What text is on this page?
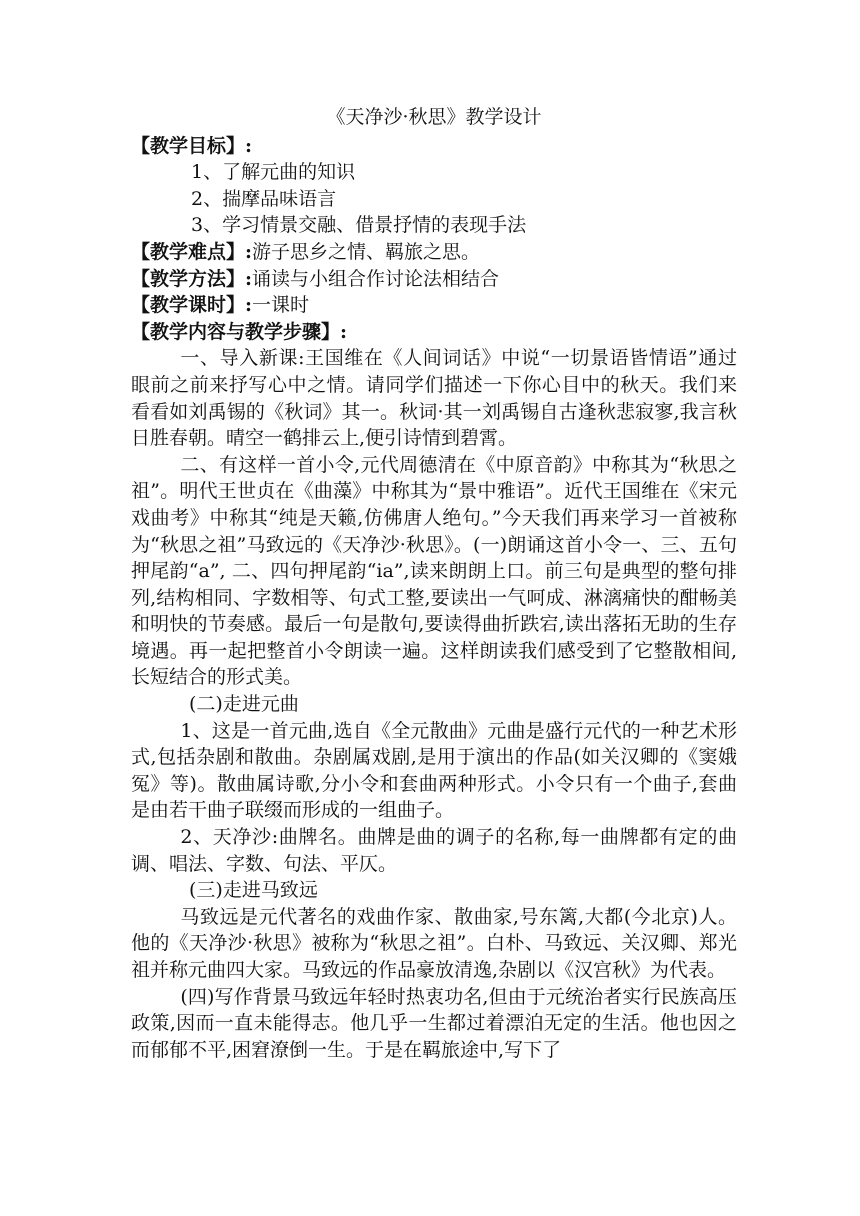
《天净沙·秋思》教学设计
【教学目标】:
1、了解元曲的知识
2、揣摩品味语言
3、学习情景交融、借景抒情的表现手法
【教学难点】:游子思乡之情、羁旅之思。
【敦学方法】:诵读与小组合作讨论法相结合
【教学课时】:一课时
【教学内容与教学步骤】:

一、导入新课:王国维在《人间词话》中说“一切景语皆情语”通过眼前之前来抒写心中之情。请同学们描述一下你心目中的秋天。我们来看看如刘禹锡的《秋词》其一。秋词·其一刘禹锡自古逢秋悲寂寥,我言秋日胜春朝。晴空一鹤排云上,便引诗情到碧霄。

二、有这样一首小令,元代周德清在《中原音韵》中称其为“秋思之祖”。明代王世贞在《曲藻》中称其为“景中雅语”。近代王国维在《宋元戏曲考》中称其“纯是天籁,仿佛唐人绝句。”今天我们再来学习一首被称为“秋思之祖”马致远的《天净沙·秋思》。(一)朗诵这首小令一、三、五句押尾韵“a”, 二、四句押尾韵“ia”,读来朗朗上口。前三句是典型的整句排列,结构相同、字数相等、句式工整,要读出一气呵成、淋漓痛快的酣畅美和明快的节奏感。最后一句是散句,要读得曲折跌宕,读出落拓无助的生存境遇。再一起把整首小令朗读一遍。这样朗读我们感受到了它整散相间,长短结合的形式美。

(二)走进元曲

1、这是一首元曲,选自《全元散曲》元曲是盛行元代的一种艺术形式,包括杂剧和散曲。杂剧属戏剧,是用于演出的作品(如关汉卿的《窦娥冤》等)。散曲属诗歌,分小令和套曲两种形式。小令只有一个曲子,套曲是由若干曲子联缀而形成的一组曲子。

2、天净沙:曲牌名。曲牌是曲的调子的名称,每一曲牌都有定的曲调、唱法、字数、句法、平仄。

(三)走进马致远

马致远是元代著名的戏曲作家、散曲家,号东篱,大都(今北京)人。他的《天净沙·秋思》被称为“秋思之祖”。白朴、马致远、关汉卿、郑光祖并称元曲四大家。马致远的作品豪放清逸,杂剧以《汉宫秋》为代表。

(四)写作背景马致远年轻时热衷功名,但由于元统治者实行民族高压政策,因而一直未能得志。他几乎一生都过着漂泊无定的生活。他也因之而郁郁不平,困窘潦倒一生。于是在羁旅途中,写下了
